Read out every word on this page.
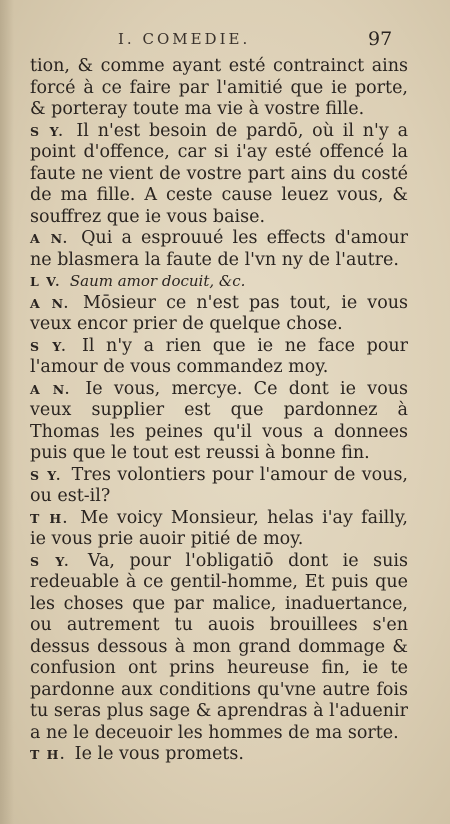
I. COMEDIE.	97

tion, & comme ayant esté contrainct ains forcé à ce faire par l'amitié que ie porte, & porteray toute ma vie à vostre fille.

S Y. Il n'est besoin de pardō, où il n'y a point d'offence, car si i'ay esté offencé la faute ne vient de vostre part ains du costé de ma fille. A ceste cause leuez vous, & souffrez que ie vous baise.

A N. Qui a esprouué les effects d'amour ne blasmera la faute de l'vn ny de l'autre.

L V. Saum amor docuit, &c.

A N. Mōsieur ce n'est pas tout, ie vous veux encor prier de quelque chose.

S Y. Il n'y a rien que ie ne face pour l'amour de vous commandez moy.

A N. Ie vous, mercye. Ce dont ie vous veux supplier est que pardonnez à Thomas les peines qu'il vous a donnees puis que le tout est reussi à bonne fin.

S Y. Tres volontiers pour l'amour de vous, ou est-il?

T H. Me voicy Monsieur, helas i'ay failly, ie vous prie auoir pitié de moy.

S Y. Va, pour l'obligatiō dont ie suis redeuable à ce gentil-homme, Et puis que les choses que par malice, inaduertance, ou autrement tu auois brouillees s'en dessus dessous à mon grand dommage & confusion ont prins heureuse fin, ie te pardonne aux conditions qu'vne autre fois tu seras plus sage & aprendras à l'aduenir a ne le deceuoir les hommes de ma sorte.

T H. Ie le vous promets.
